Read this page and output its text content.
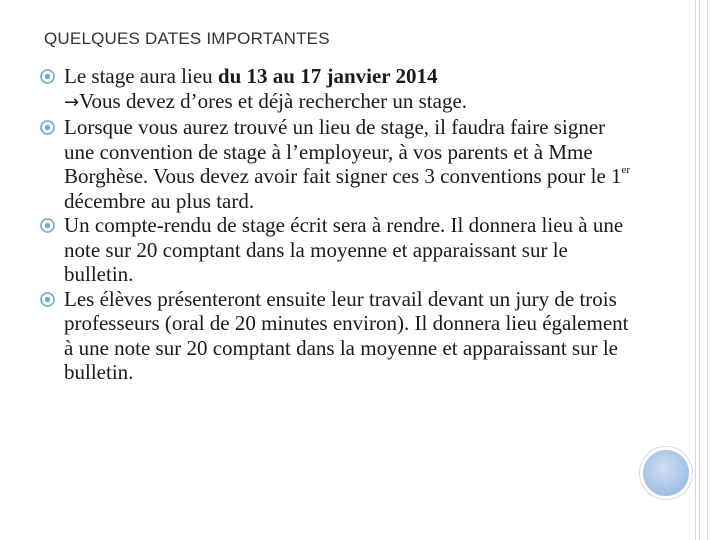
QUELQUES DATES IMPORTANTES
Le stage aura lieu du 13 au 17 janvier 2014
→Vous devez d’ores et déjà rechercher un stage.
Lorsque vous aurez trouvé un lieu de stage, il faudra faire signer une convention de stage à l’employeur, à vos parents et à Mme Borghèse. Vous devez avoir fait signer ces 3 conventions pour le 1er décembre au plus tard.
Un compte-rendu de stage écrit sera à rendre. Il donnera lieu à une note sur 20 comptant dans la moyenne et apparaissant sur le bulletin.
Les élèves présenteront ensuite leur travail devant un jury de trois professeurs (oral de 20 minutes environ). Il donnera lieu également à une note sur 20 comptant dans la moyenne et apparaissant sur le bulletin.
